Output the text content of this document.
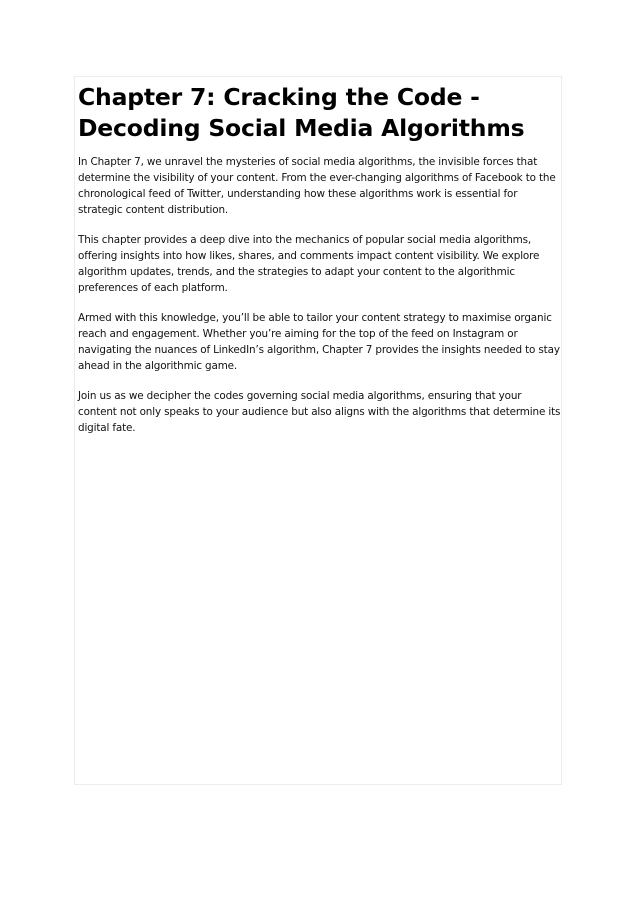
Chapter 7: Cracking the Code - Decoding Social Media Algorithms

In Chapter 7, we unravel the mysteries of social media algorithms, the invisible forces that determine the visibility of your content. From the ever-changing algorithms of Facebook to the chronological feed of Twitter, understanding how these algorithms work is essential for strategic content distribution.

This chapter provides a deep dive into the mechanics of popular social media algorithms, offering insights into how likes, shares, and comments impact content visibility. We explore algorithm updates, trends, and the strategies to adapt your content to the algorithmic preferences of each platform.

Armed with this knowledge, you’ll be able to tailor your content strategy to maximise organic reach and engagement. Whether you’re aiming for the top of the feed on Instagram or navigating the nuances of LinkedIn’s algorithm, Chapter 7 provides the insights needed to stay ahead in the algorithmic game.

Join us as we decipher the codes governing social media algorithms, ensuring that your content not only speaks to your audience but also aligns with the algorithms that determine its digital fate.
